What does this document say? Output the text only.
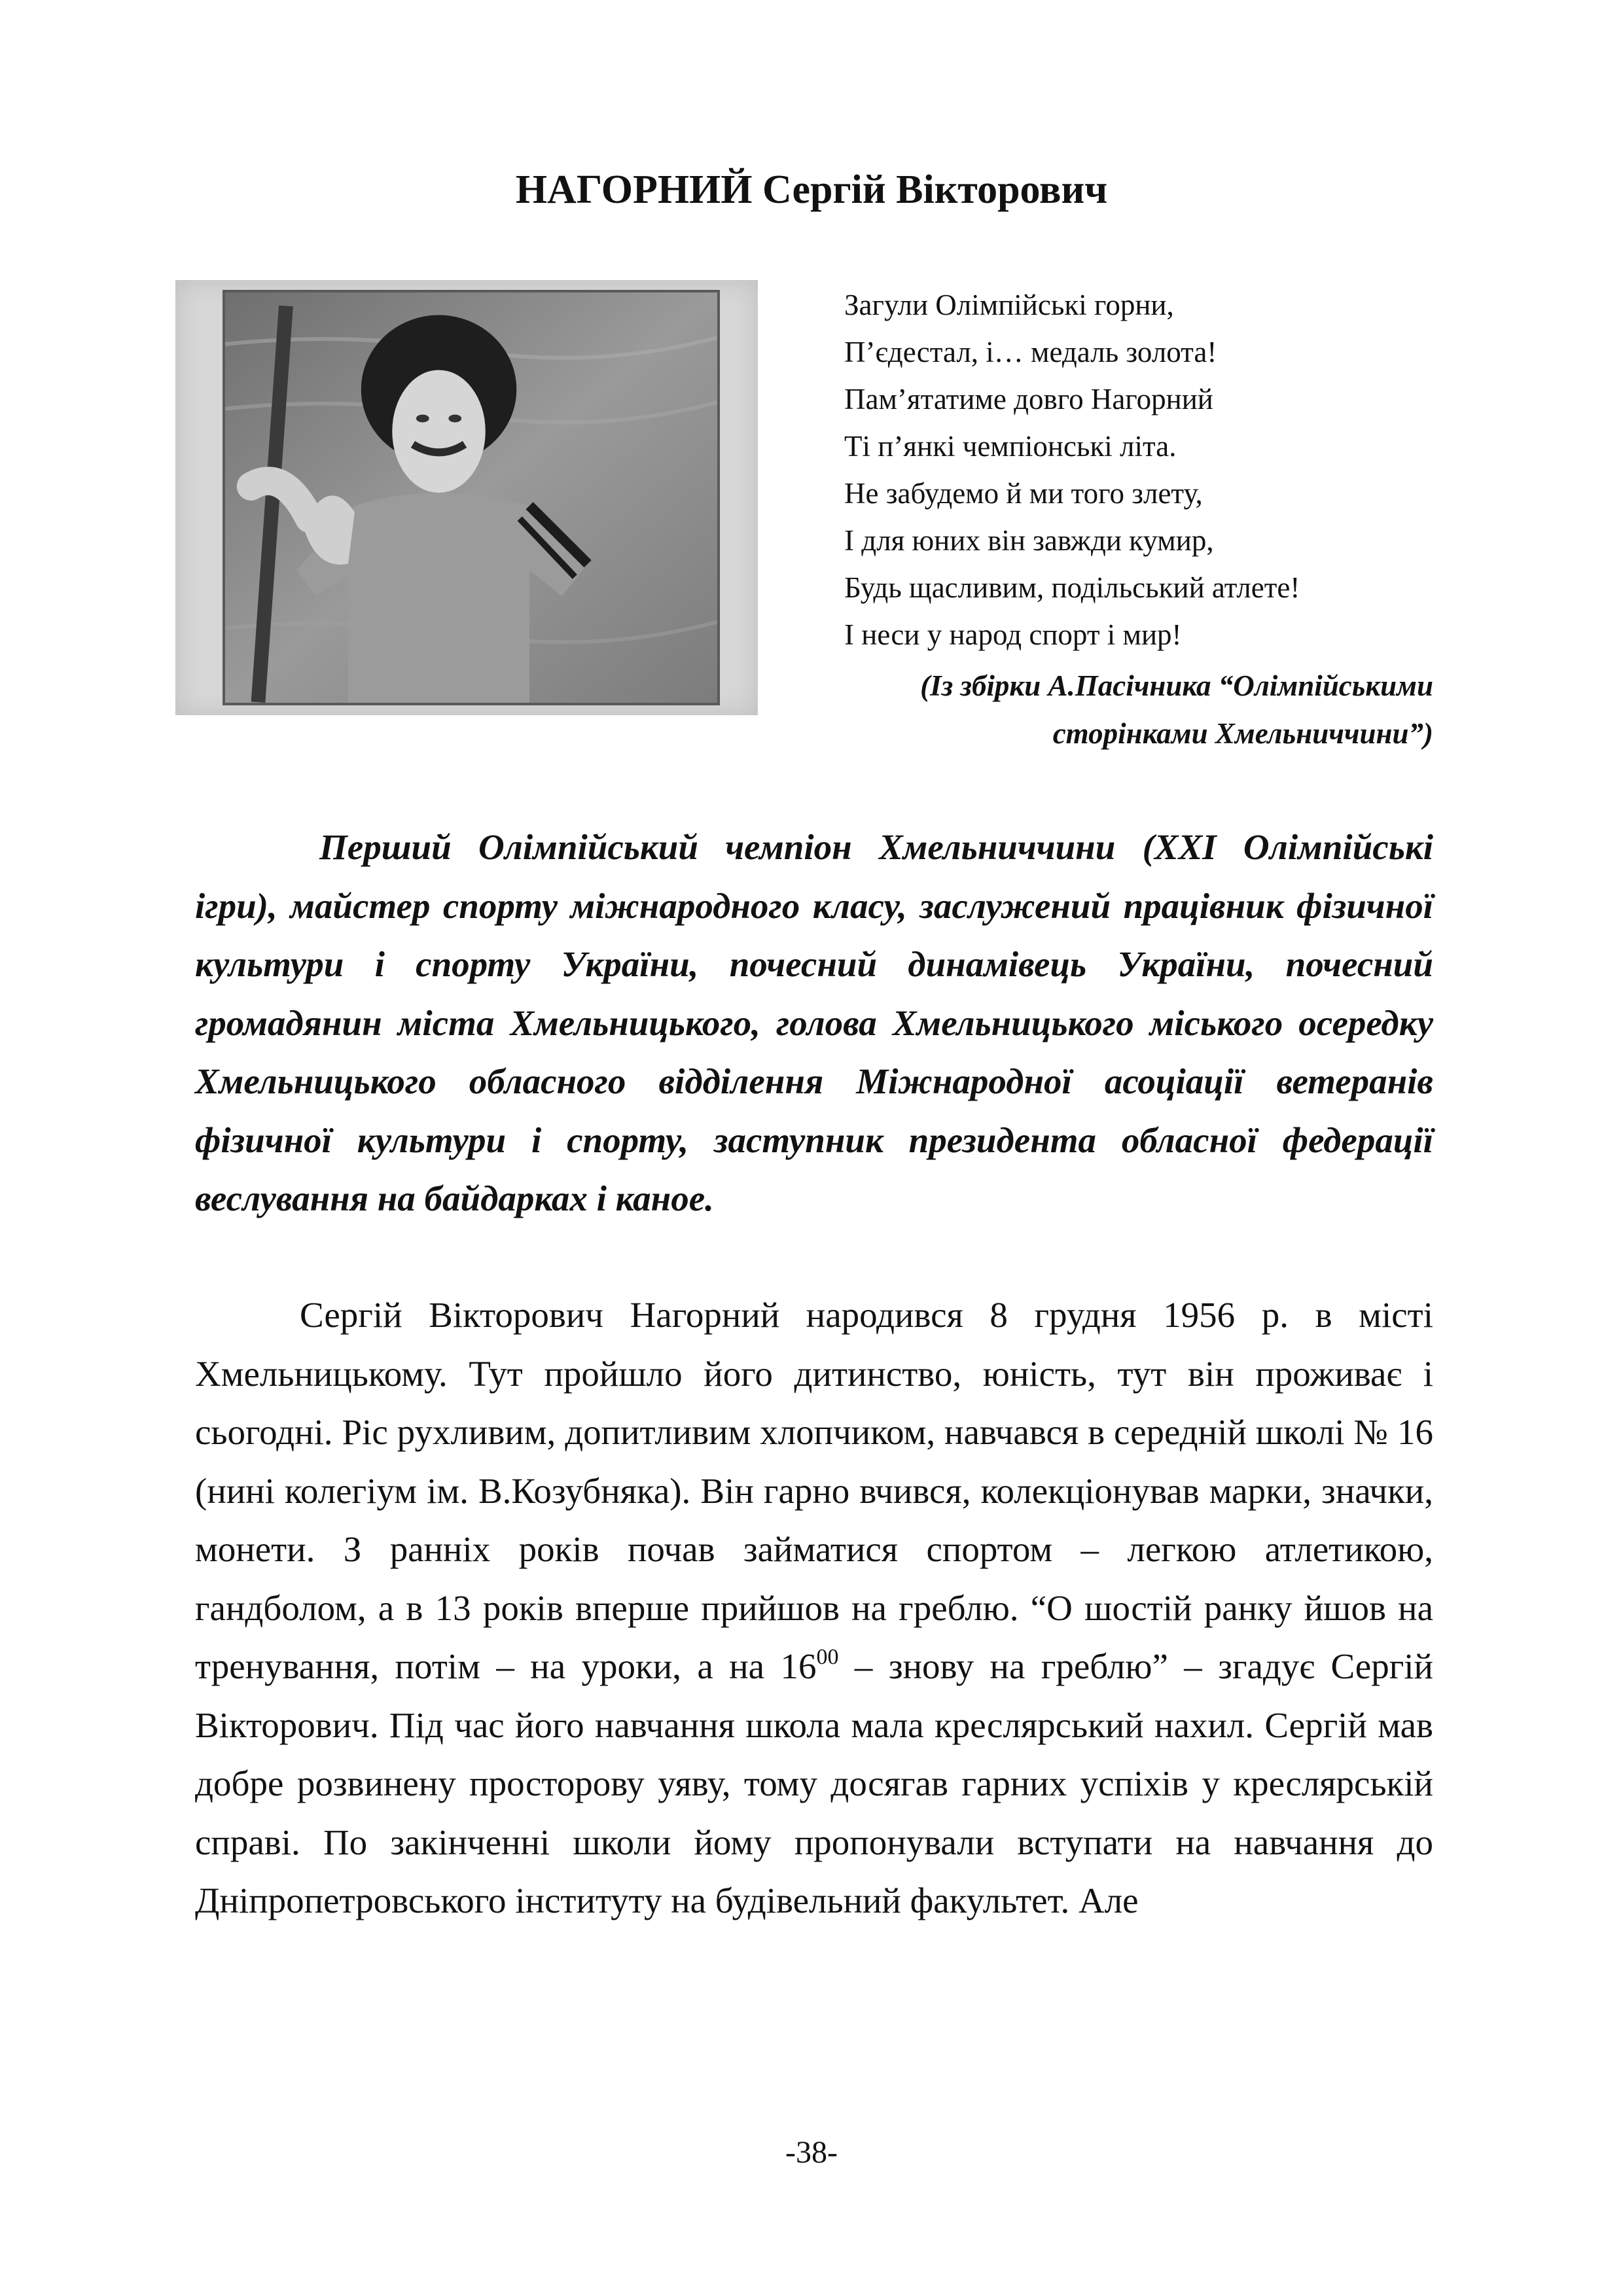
НАГОРНИЙ Сергій Вікторович
Загули Олімпійські горни,
П’єдестал, і… медаль золота!
Пам’ятатиме довго Нагорний
Ті п’янкі чемпіонські літа.
Не забудемо й ми того злету,
І для юних він завжди кумир,
Будь щасливим, подільський атлете!
І неси у народ спорт і мир!
(Із збірки А.Пасічника “Олімпійськими
сторінками Хмельниччини”)
Перший Олімпійський чемпіон Хмельниччини (XXI Олімпійські ігри), майстер спорту міжнародного класу, заслужений працівник фізичної культури і спорту України, почесний динамівець України, почесний громадянин міста Хмельницького, голова Хмельницького міського осередку Хмельницького обласного відділення Міжнародної асоціації ветеранів фізичної культури і спорту, заступник президента обласної федерації веслування на байдарках і каное.
Сергій Вікторович Нагорний народився 8 грудня 1956 р. в місті Хмельницькому. Тут пройшло його дитинство, юність, тут він проживає і сьогодні. Ріс рухливим, допитливим хлопчиком, навчався в середній школі № 16 (нині колегіум ім. В.Козубняка). Він гарно вчився, колекціонував марки, значки, монети. З ранніх років почав займатися спортом – легкою атлетикою, гандболом, а в 13 років вперше прийшов на греблю. “О шостій ранку йшов на тренування, потім – на уроки, а на $16^{00}$ – знову на греблю” – згадує Сергій Вікторович. Під час його навчання школа мала креслярський нахил. Сергій мав добре розвинену просторову уяву, тому досягав гарних успіхів у креслярській справі. По закінченні школи йому пропонували вступати на навчання до Дніпропетровського інституту на будівельний факультет. Але
-38-
